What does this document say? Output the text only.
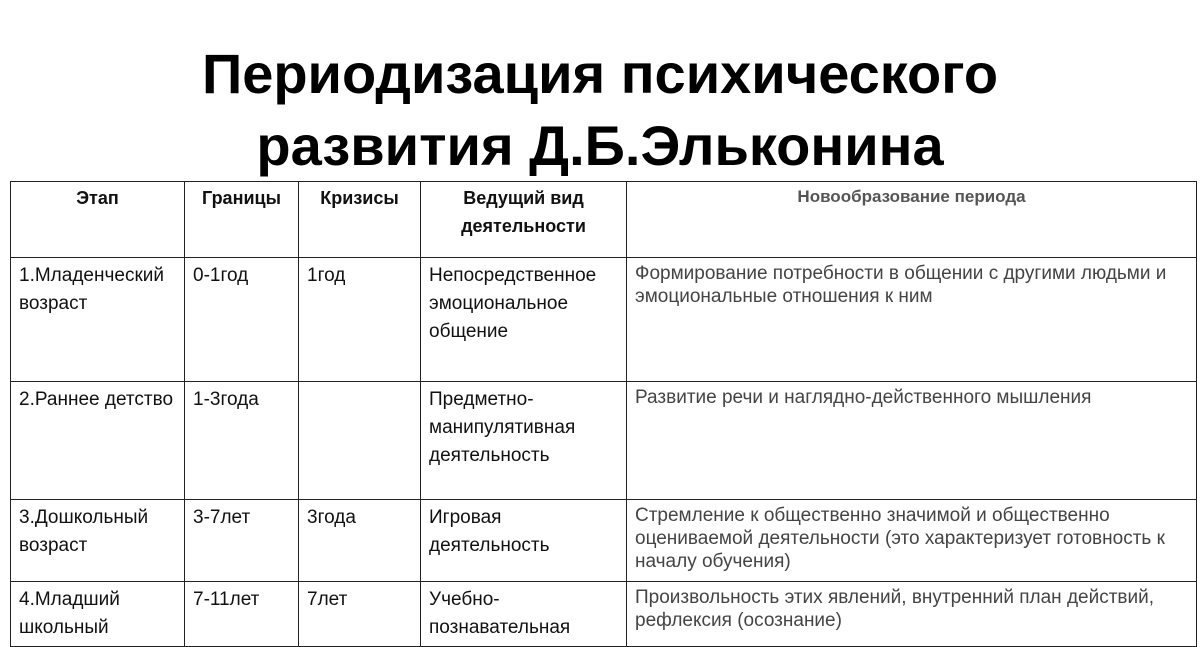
Периодизация психического
развития Д.Б.Эльконина
Этап	Границы	Кризисы	Ведущий вид деятельности	Новообразование периода
1.Младенческий возраст	0-1год	1год	Непосредственное эмоциональное общение	Формирование потребности в общении с другими людьми и эмоциональные отношения к ним
2.Раннее детство	1-3года		Предметно-манипулятивная деятельность	Развитие речи и наглядно-действенного мышления
3.Дошкольный возраст	3-7лет	3года	Игровая деятельность	Стремление к общественно значимой и общественно оцениваемой деятельности (это характеризует готовность к началу обучения)
4.Младший школьный	7-11лет	7лет	Учебно-познавательная	Произвольность этих явлений, внутренний план действий, рефлексия (осознание)
